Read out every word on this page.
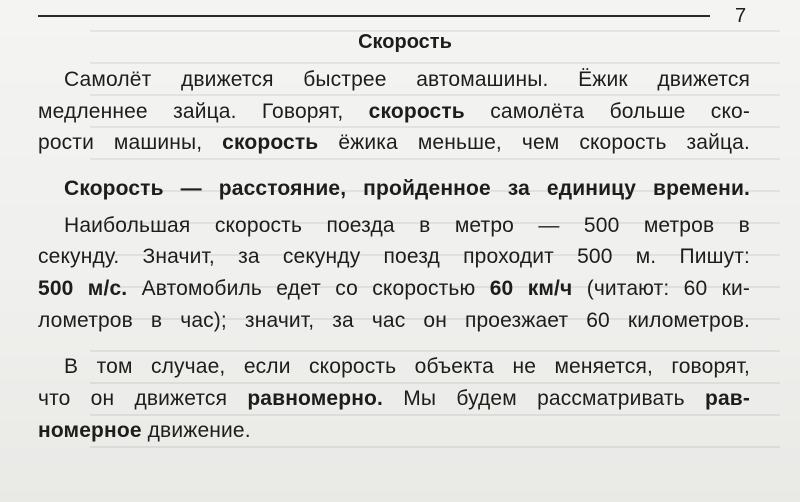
7
Скорость
Самолёт движется быстрее автомашины. Ёжик движется
медленнее зайца. Говорят, скорость самолёта больше ско-
рости машины, скорость ёжика меньше, чем скорость зайца.
Скорость — расстояние, пройденное за единицу времени.
Наибольшая скорость поезда в метро — 500 метров в
секунду. Значит, за секунду поезд проходит 500 м. Пишут:
500 м/с. Автомобиль едет со скоростью 60 км/ч (читают: 60 ки-
лометров в час); значит, за час он проезжает 60 километров.
В том случае, если скорость объекта не меняется, говорят,
что он движется равномерно. Мы будем рассматривать рав-
номерное движение.
